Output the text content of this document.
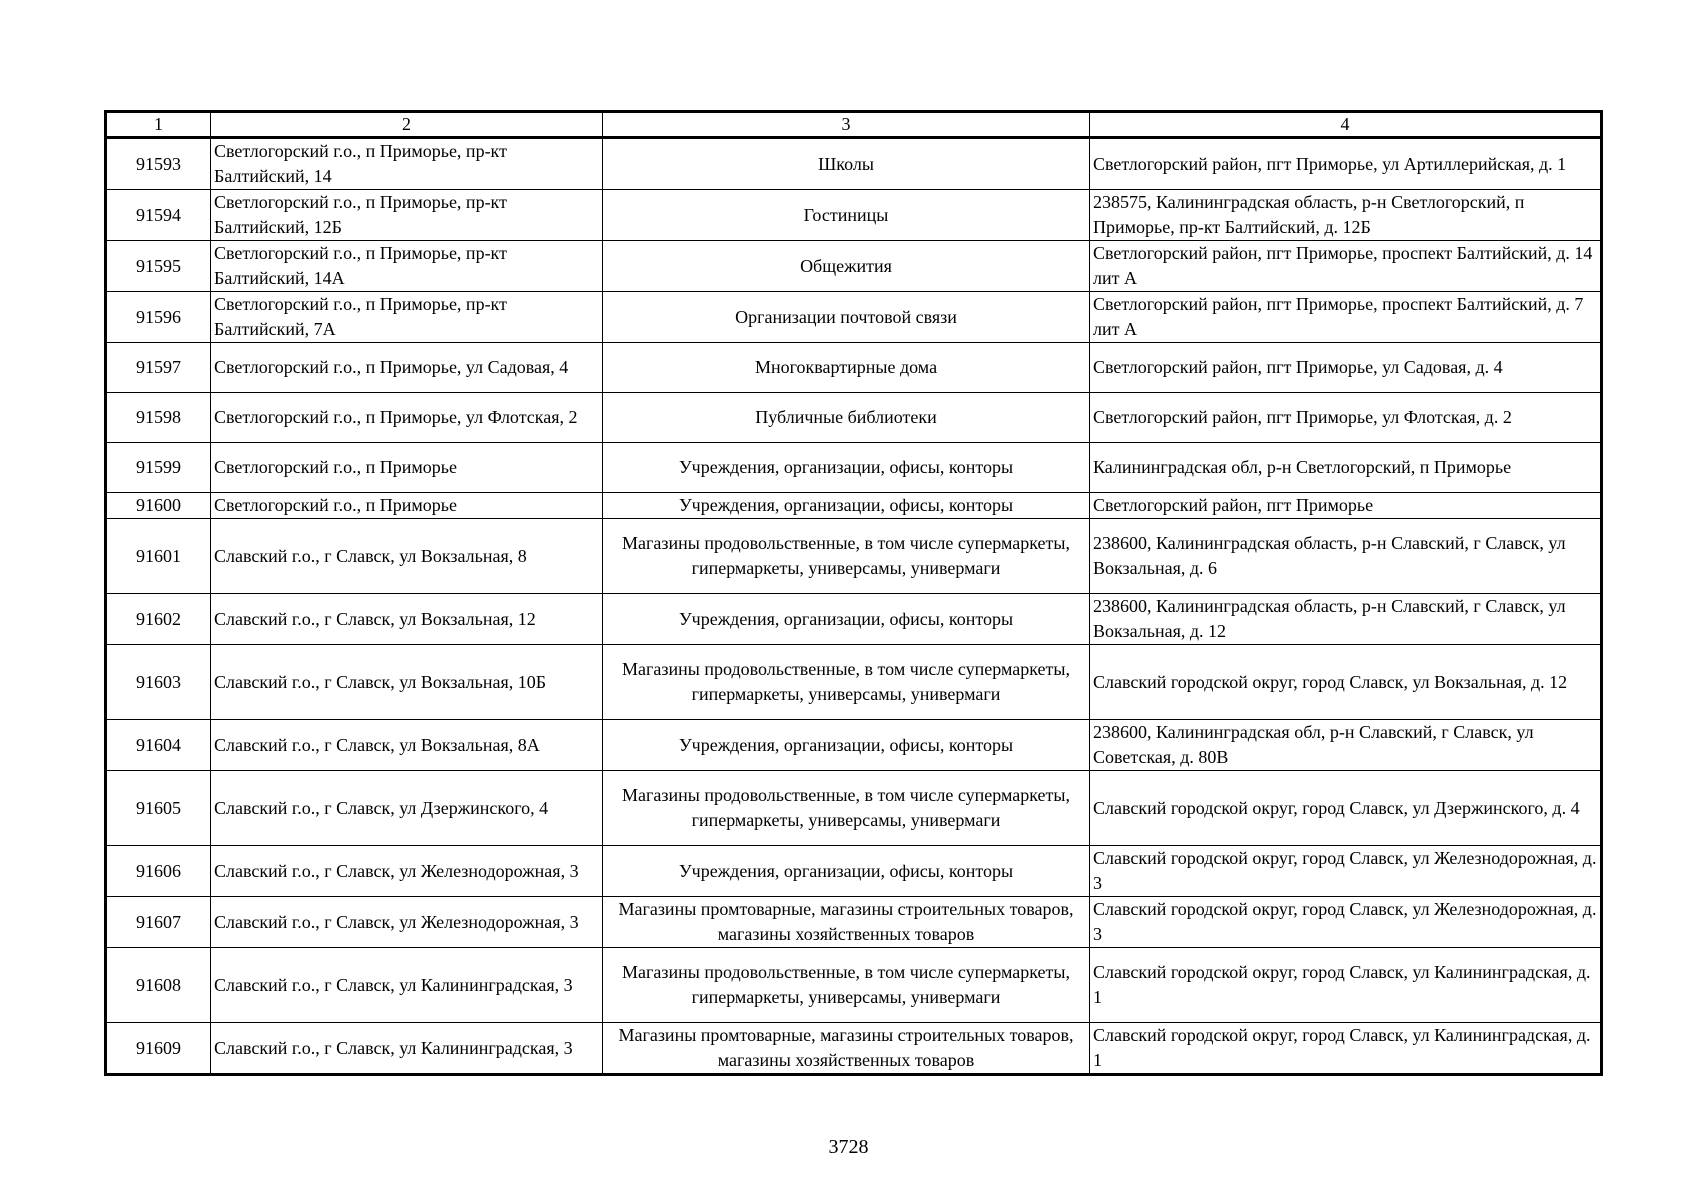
1	2	3	4
91593	Светлогорский г.о., п Приморье, пр-кт Балтийский, 14	Школы	Светлогорский район, пгт Приморье, ул Артиллерийская, д. 1
91594	Светлогорский г.о., п Приморье, пр-кт Балтийский, 12Б	Гостиницы	238575, Калининградская область, р-н Светлогорский, п Приморье, пр-кт Балтийский, д. 12Б
91595	Светлогорский г.о., п Приморье, пр-кт Балтийский, 14А	Общежития	Светлогорский район, пгт Приморье, проспект Балтийский, д. 14 лит А
91596	Светлогорский г.о., п Приморье, пр-кт Балтийский, 7А	Организации почтовой связи	Светлогорский район, пгт Приморье, проспект Балтийский, д. 7 лит А
91597	Светлогорский г.о., п Приморье, ул Садовая, 4	Многоквартирные дома	Светлогорский район, пгт Приморье, ул Садовая, д. 4
91598	Светлогорский г.о., п Приморье, ул Флотская, 2	Публичные библиотеки	Светлогорский район, пгт Приморье, ул Флотская, д. 2
91599	Светлогорский г.о., п Приморье	Учреждения, организации, офисы, конторы	Калининградская обл, р-н Светлогорский, п Приморье
91600	Светлогорский г.о., п Приморье	Учреждения, организации, офисы, конторы	Светлогорский район, пгт Приморье
91601	Славский г.о., г Славск, ул Вокзальная, 8	Магазины продовольственные, в том числе супермаркеты, гипермаркеты, универсамы, универмаги	238600, Калининградская область, р-н Славский, г Славск, ул Вокзальная, д. 6
91602	Славский г.о., г Славск, ул Вокзальная, 12	Учреждения, организации, офисы, конторы	238600, Калининградская область, р-н Славский, г Славск, ул Вокзальная, д. 12
91603	Славский г.о., г Славск, ул Вокзальная, 10Б	Магазины продовольственные, в том числе супермаркеты, гипермаркеты, универсамы, универмаги	Славский городской округ, город Славск, ул Вокзальная, д. 12
91604	Славский г.о., г Славск, ул Вокзальная, 8А	Учреждения, организации, офисы, конторы	238600, Калининградская обл, р-н Славский, г Славск, ул Советская, д. 80В
91605	Славский г.о., г Славск, ул Дзержинского, 4	Магазины продовольственные, в том числе супермаркеты, гипермаркеты, универсамы, универмаги	Славский городской округ, город Славск, ул Дзержинского, д. 4
91606	Славский г.о., г Славск, ул Железнодорожная, 3	Учреждения, организации, офисы, конторы	Славский городской округ, город Славск, ул Железнодорожная, д. 3
91607	Славский г.о., г Славск, ул Железнодорожная, 3	Магазины промтоварные, магазины строительных товаров, магазины хозяйственных товаров	Славский городской округ, город Славск, ул Железнодорожная, д. 3
91608	Славский г.о., г Славск, ул Калининградская, 3	Магазины продовольственные, в том числе супермаркеты, гипермаркеты, универсамы, универмаги	Славский городской округ, город Славск, ул Калининградская, д. 1
91609	Славский г.о., г Славск, ул Калининградская, 3	Магазины промтоварные, магазины строительных товаров, магазины хозяйственных товаров	Славский городской округ, город Славск, ул Калининградская, д. 1
3728
